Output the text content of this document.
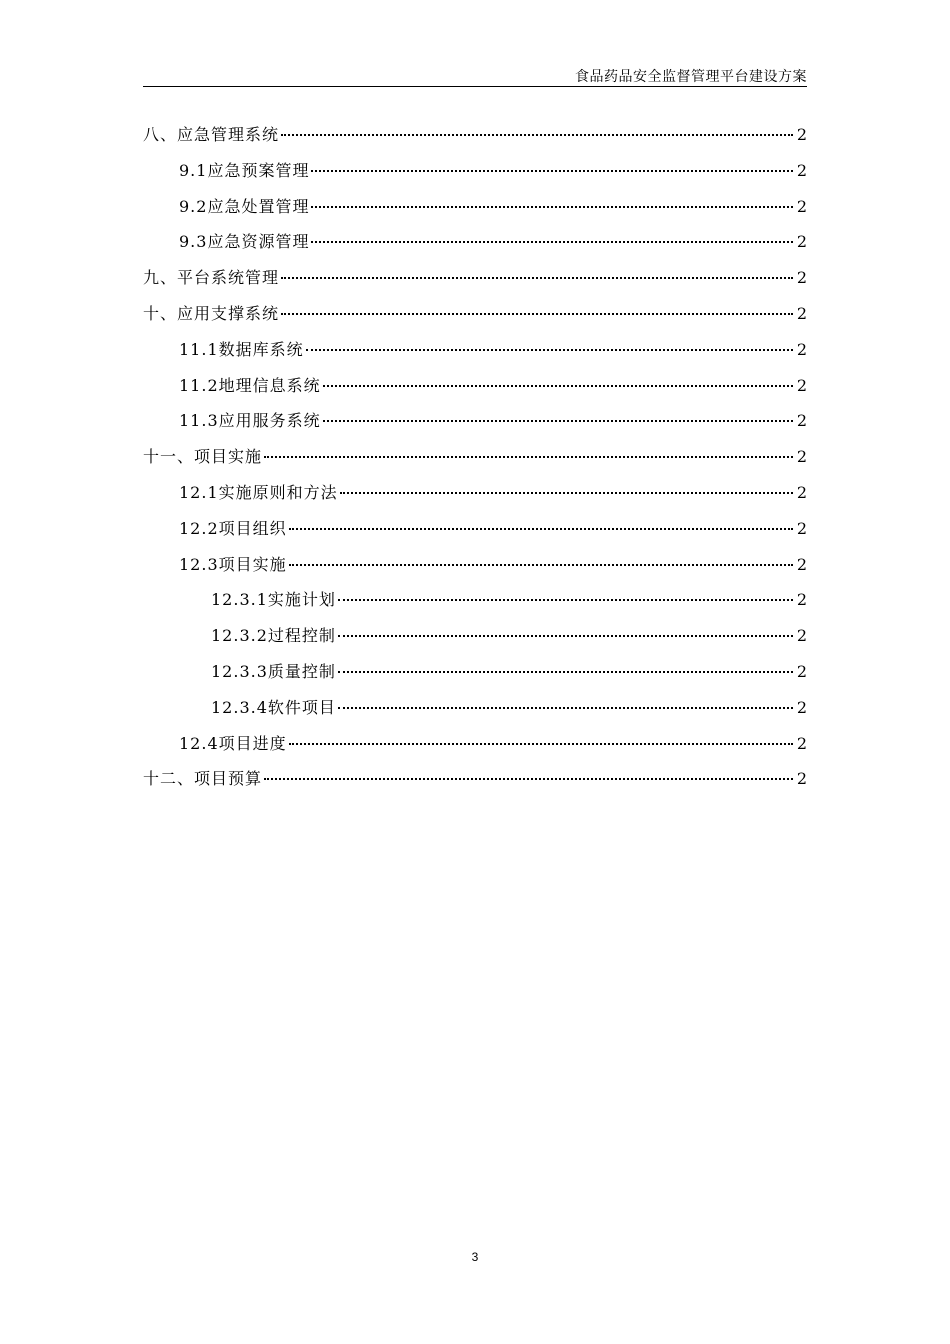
食品药品安全监督管理平台建设方案
八、应急管理系统	2
9.1应急预案管理	2
9.2应急处置管理	2
9.3应急资源管理	2
九、平台系统管理	2
十、应用支撑系统	2
11.1数据库系统	2
11.2地理信息系统	2
11.3应用服务系统	2
十一、项目实施	2
12.1实施原则和方法	2
12.2项目组织	2
12.3项目实施	2
12.3.1实施计划	2
12.3.2过程控制	2
12.3.3质量控制	2
12.3.4软件项目	2
12.4项目进度	2
十二、项目预算	2
3
